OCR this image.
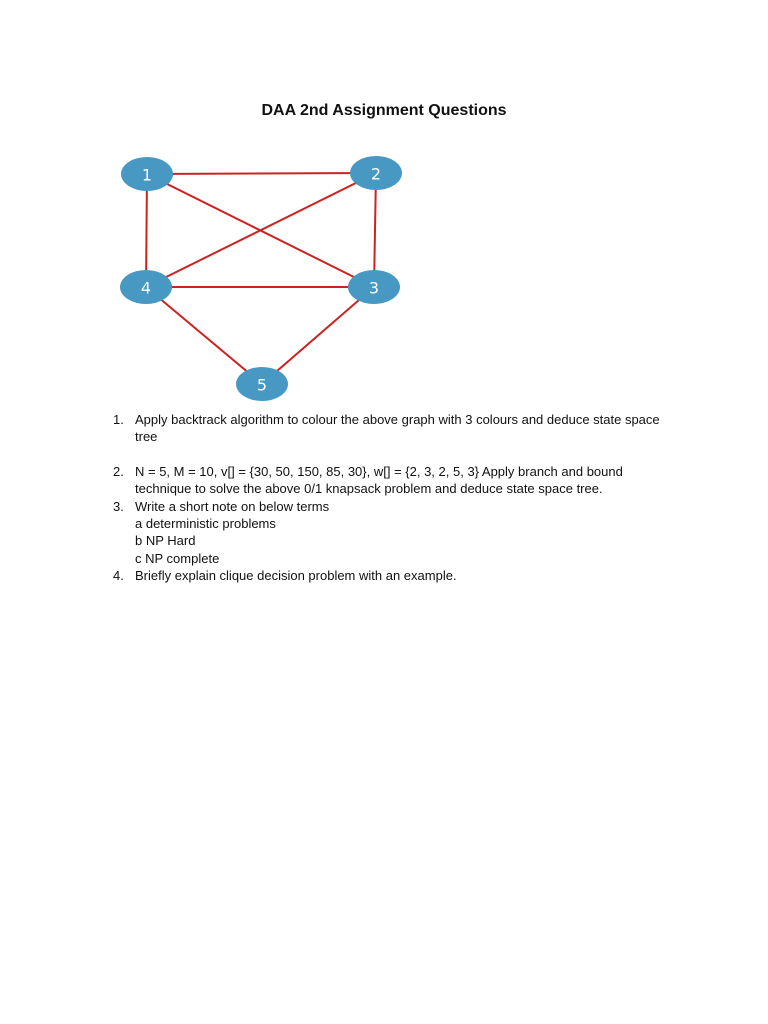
DAA 2nd Assignment Questions
1	2
3
4
5
1. Apply backtrack algorithm to colour the above graph with 3 colours and deduce state space tree
2. N = 5, M = 10, v[] = {30, 50, 150, 85, 30}, w[] = {2, 3, 2, 5, 3} Apply branch and bound technique to solve the above 0/1 knapsack problem and deduce state space tree.
3. Write a short note on below terms
a deterministic problems
b NP Hard
c NP complete
4. Briefly explain clique decision problem with an example.
